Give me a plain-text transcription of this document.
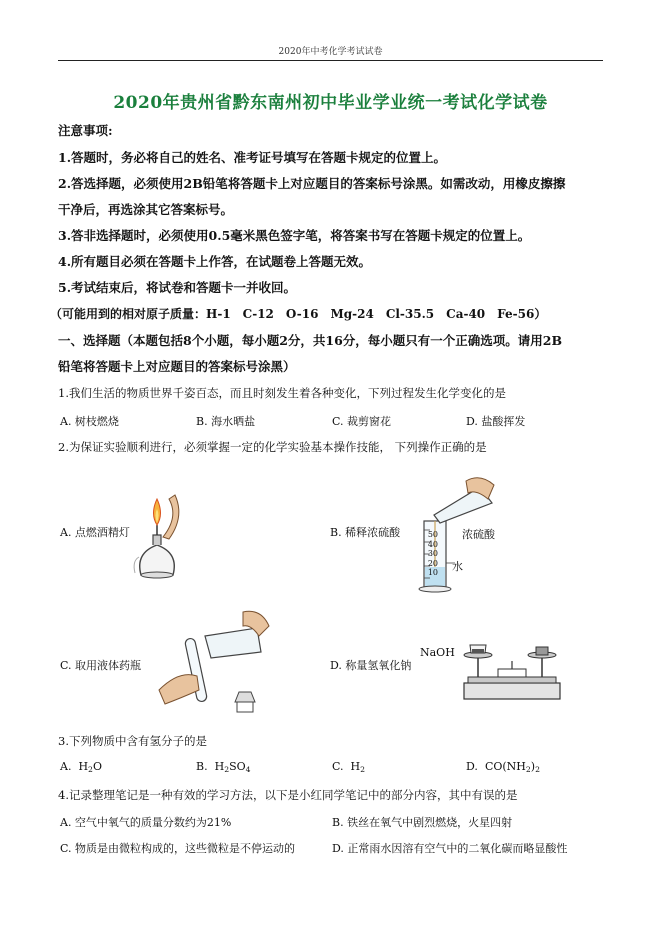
2020年中考化学考试试卷
2020年贵州省黔东南州初中毕业学业统一考试化学试卷
注意事项:
1.答题时，务必将自己的姓名、准考证号填写在答题卡规定的位置上。
2.答选择题，必须使用2B铅笔将答题卡上对应题目的答案标号涂黑。如需改动，用橡皮擦擦
干净后，再选涂其它答案标号。
3.答非选择题时，必须使用0.5毫米黑色签字笔，将答案书写在答题卡规定的位置上。
4.所有题目必须在答题卡上作答，在试题卷上答题无效。
5.考试结束后，将试卷和答题卡一并收回。
（可能用到的相对原子质量：H-1　C-12　O-16　Mg-24　Cl-35.5　Ca-40　Fe-56）
一、选择题（本题包括8个小题，每小题2分，共16分，每小题只有一个正确选项。请用2B
铅笔将答题卡上对应题目的答案标号涂黑）
1.我们生活的物质世界千姿百态，而且时刻发生着各种变化，下列过程发生化学变化的是
A. 树枝燃烧	B. 海水晒盐	C. 裁剪窗花	D. 盐酸挥发
2.为保证实验顺利进行，必须掌握一定的化学实验基本操作技能， 下列操作正确的是
A. 点燃酒精灯	50
40
30
20
10
B. 稀释浓硫酸	浓硫酸
水
C. 取用液体药瓶	D. 称量氢氧化钠
NaOH
3.下列物质中含有氢分子的是
A. $H_2O$	B. $H_2SO_4$	C. $H_2$	D. $CO(NH_2)_2$
4.记录整理笔记是一种有效的学习方法，以下是小红同学笔记中的部分内容，其中有误的是
A. 空气中氧气的质量分数约为21%	B. 铁丝在氧气中剧烈燃烧，火星四射
C. 物质是由微粒构成的，这些微粒是不停运动的	D. 正常雨水因溶有空气中的二氧化碳而略显酸性
